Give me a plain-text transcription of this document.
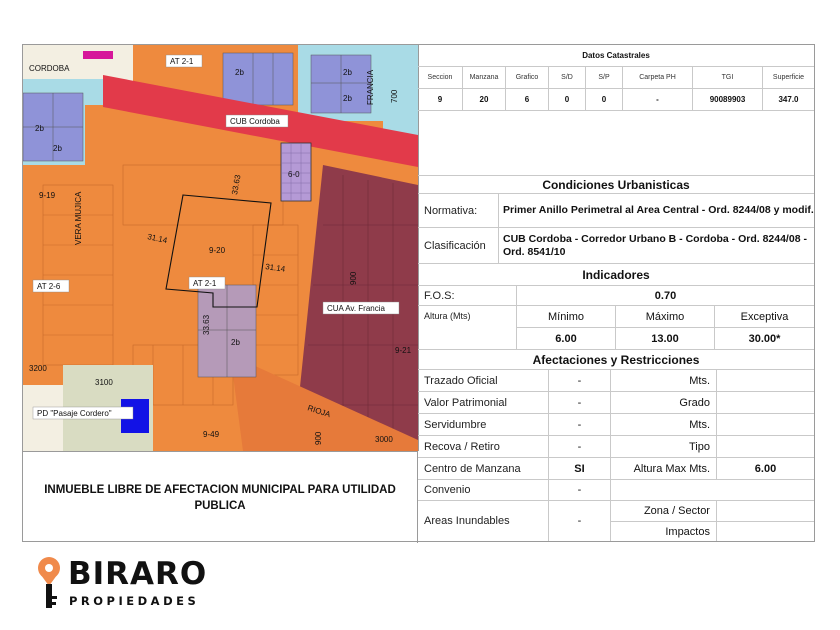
CORDOBA
AT 2-1
CUB Cordoba
FRANCIA 700
VERA MUJICA
9-19
AT 2-6
33.63
31.14
31.14
33.63
6-0
9-20
AT 2-1
CUA Av. Francia
900
9-21
3200
3100
PD "Pasaje Cordero"	RIOJA
9-49	900	3000
2b
2b
2b	2b
2b
2b
INMUEBLE LIBRE DE AFECTACION MUNICIPAL PARA UTILIDAD PUBLICA
Datos Catastrales
Seccion	Manzana	Grafico	S/D	S/P	Carpeta PH	TGI	Superficie
9	20	6	0	0	-	90089903	347.0
Condiciones Urbanisticas
Normativa:	Primer Anillo Perimetral al Area Central - Ord. 8244/08 y modif.
Clasificación
CUB Cordoba - Corredor Urbano B - Cordoba - Ord. 8244/08 - Ord. 8541/10
Indicadores
F.O.S:	0.70
Altura (Mts)	Mínimo	Máximo	Exceptiva
6.00	13.00	30.00*
Afectaciones y Restricciones
Trazado Oficial	-	Mts.
Valor Patrimonial	-	Grado
Servidumbre	-	Mts.
Recova / Retiro	-	Tipo
Centro de Manzana	SI	Altura Max Mts.	6.00
Convenio	-
Areas Inundables	-
Zona / Sector
Impactos
BIRARO
PROPIEDADES
